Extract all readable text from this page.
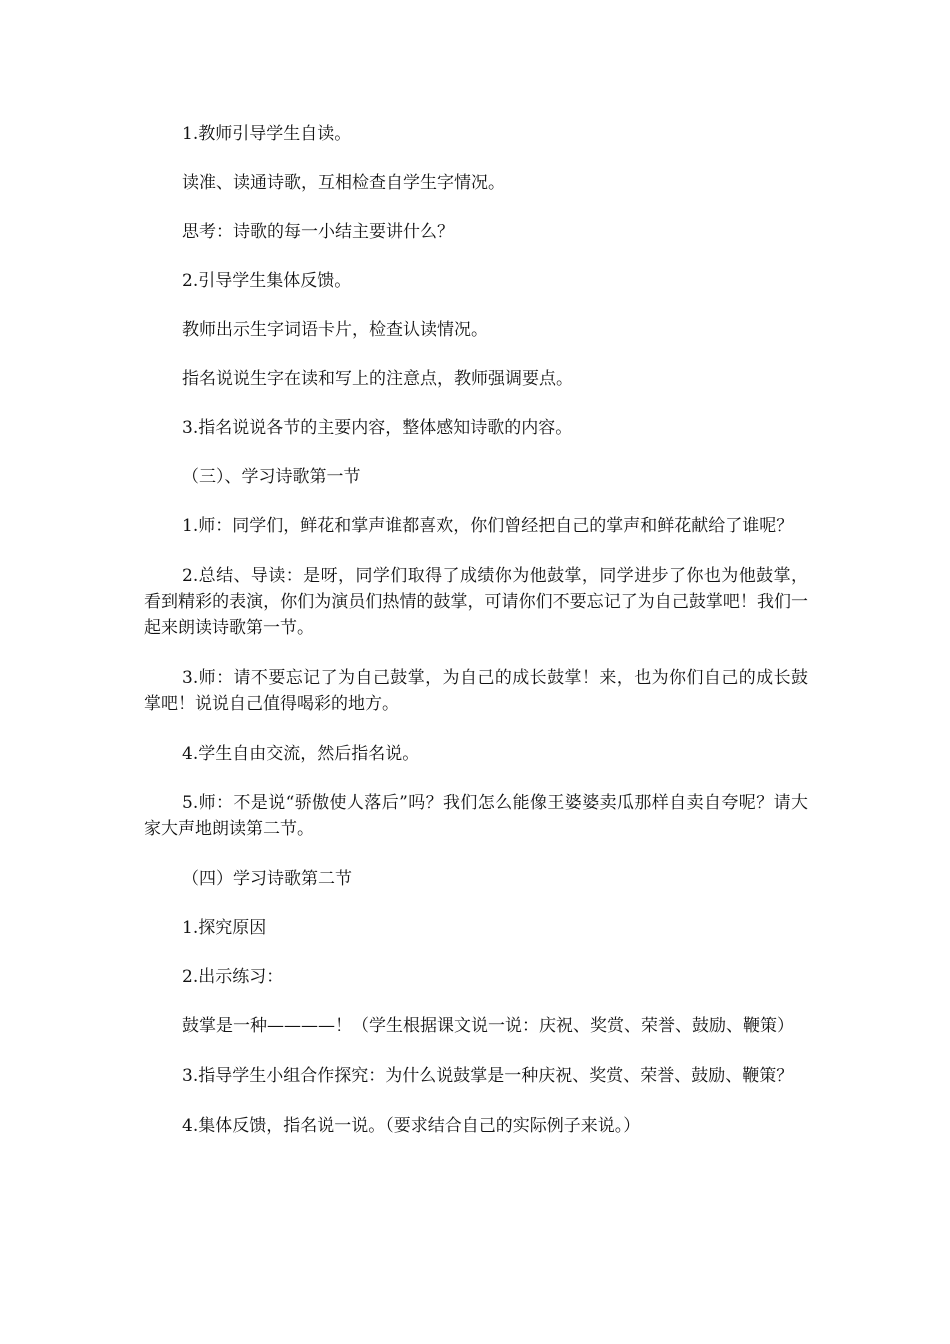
1.教师引导学生自读。

读准、读通诗歌，互相检查自学生字情况。

思考：诗歌的每一小结主要讲什么？

2.引导学生集体反馈。

教师出示生字词语卡片，检查认读情况。

指名说说生字在读和写上的注意点，教师强调要点。

3.指名说说各节的主要内容，整体感知诗歌的内容。

（三）、学习诗歌第一节

1.师：同学们，鲜花和掌声谁都喜欢，你们曾经把自己的掌声和鲜花献给了谁呢？

2.总结、导读：是呀，同学们取得了成绩你为他鼓掌，同学进步了你也为他鼓掌，看到精彩的表演，你们为演员们热情的鼓掌，可请你们不要忘记了为自己鼓掌吧！我们一起来朗读诗歌第一节。

3.师：请不要忘记了为自己鼓掌，为自己的成长鼓掌！来，也为你们自己的成长鼓掌吧！说说自己值得喝彩的地方。

4.学生自由交流，然后指名说。

5.师：不是说“骄傲使人落后”吗？我们怎么能像王婆婆卖瓜那样自卖自夸呢？请大家大声地朗读第二节。

（四）学习诗歌第二节

1.探究原因

2.出示练习：

鼓掌是一种————！（学生根据课文说一说：庆祝、奖赏、荣誉、鼓励、鞭策）

3.指导学生小组合作探究：为什么说鼓掌是一种庆祝、奖赏、荣誉、鼓励、鞭策？

4.集体反馈，指名说一说。（要求结合自己的实际例子来说。）
